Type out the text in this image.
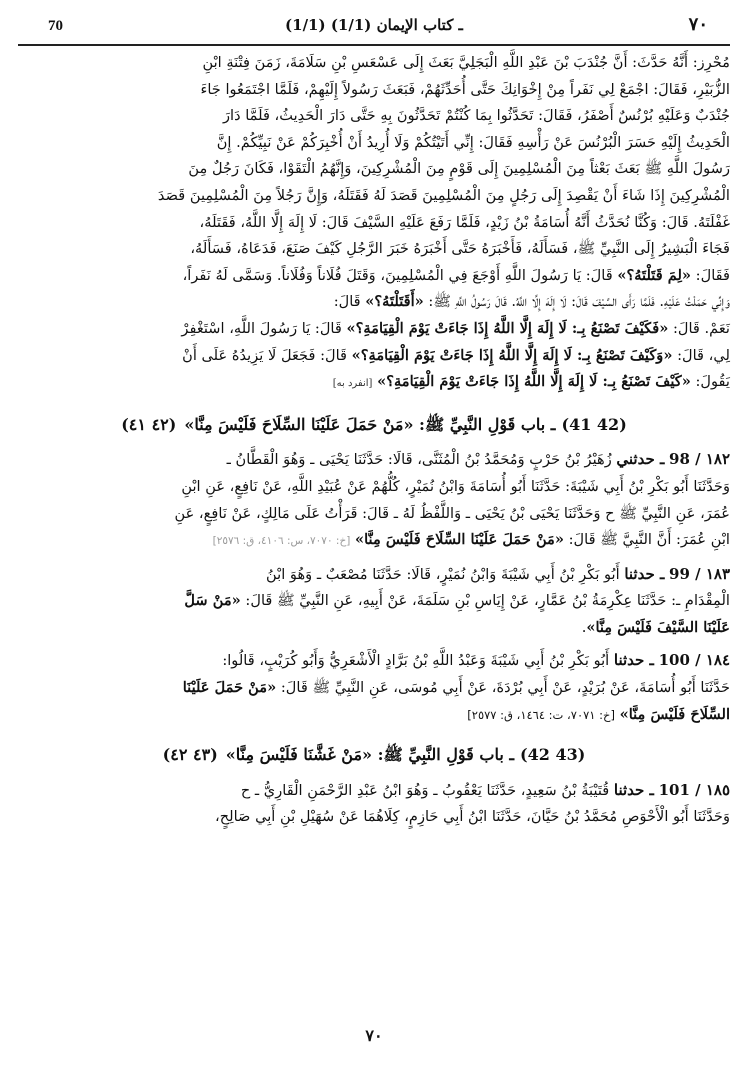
70	(1/1) ـ كتاب الإيمان (1/1)	٧٠

مُحْرِز: أَنَّهُ حَدَّثَ: أَنَّ جُنْدَبَ بْنَ عَبْدِ اللَّهِ الْبَجَلِيَّ بَعَثَ إِلَى عَسْعَسِ بْنِ سَلَامَةَ، زَمَنَ فِتْنَةِ ابْنِ

الزُّبَيْرِ، فَقَالَ: اجْمَعْ لِي نَفَراً مِنْ إِخْوَانِكَ حَتَّى أُحَدِّثَهُمْ، فَبَعَثَ رَسُولاً إِلَيْهِمْ، فَلَمَّا اجْتَمَعُوا جَاءَ

جُنْدَبٌ وَعَلَيْهِ بُرْنُسٌ أَصْفَرُ، فَقَالَ: تَحَدَّثُوا بِمَا كُنْتُمْ تَحَدَّثُونَ بِهِ حَتَّى دَارَ الْحَدِيثُ، فَلَمَّا دَارَ

الْحَدِيثُ إِلَيْهِ حَسَرَ الْبُرْنُسَ عَنْ رَأْسِهِ فَقَالَ: إِنِّي أَتَيْتُكُمْ وَلَا أُرِيدُ أَنْ أُخْبِرَكُمْ عَنْ نَبِيِّكُمْ. إِنَّ

رَسُولَ اللَّهِ ﷺ بَعَثَ بَعْثاً مِنَ الْمُسْلِمِينَ إِلَى قَوْمٍ مِنَ الْمُشْرِكِينَ، وَإِنَّهُمُ الْتَقَوْا، فَكَانَ رَجُلٌ مِنَ

الْمُشْرِكِينَ إِذَا شَاءَ أَنْ يَقْصِدَ إِلَى رَجُلٍ مِنَ الْمُسْلِمِينَ قَصَدَ لَهُ فَقَتَلَهُ، وَإِنَّ رَجُلاً مِنَ الْمُسْلِمِينَ قَصَدَ

غَفْلَتَهُ. قَالَ: وَكُنَّا نُحَدَّثُ أَنَّهُ أُسَامَةُ بْنُ زَيْدٍ، فَلَمَّا رَفَعَ عَلَيْهِ السَّيْفَ قَالَ: لَا إِلَهَ إِلَّا اللَّهُ، فَقَتَلَهُ،

فَجَاءَ الْبَشِيرُ إِلَى النَّبِيِّ ﷺ، فَسَأَلَهُ، فَأَخْبَرَهُ حَتَّى أَخْبَرَهُ خَبَرَ الرَّجُلِ كَيْفَ صَنَعَ، فَدَعَاهُ، فَسَأَلَهُ،

فَقَالَ: «لِمَ قَتَلْتَهُ؟» قَالَ: يَا رَسُولَ اللَّهِ أَوْجَعَ فِي الْمُسْلِمِينَ، وَقَتَلَ فُلَاناً وَفُلَاناً. وَسَمَّى لَهُ نَفَراً،

وَإِنِّي حَمَلْتُ عَلَيْهِ. فَلَمَّا رَأَى السَّيْفَ قَالَ: لَا إِلَهَ إِلَّا اللَّهُ. قَالَ رَسُولُ اللَّهِ ﷺ: «أَقَتَلْتَهُ؟» قَالَ:

نَعَمْ. قَالَ: «فَكَيْفَ تَصْنَعُ بِـ: لَا إِلَهَ إِلَّا اللَّهُ إِذَا جَاءَتْ يَوْمَ الْقِيَامَةِ؟» قَالَ: يَا رَسُولَ اللَّهِ، اسْتَغْفِرْ

لِي، قَالَ: «وَكَيْفَ تَصْنَعُ بِـ: لَا إِلَهَ إِلَّا اللَّهُ إِذَا جَاءَتْ يَوْمَ الْقِيَامَةِ؟» قَالَ: فَجَعَلَ لَا يَزِيدُهُ عَلَى أَنْ

يَقُولَ: «كَيْفَ تَصْنَعُ بِـ: لَا إِلَهَ إِلَّا اللَّهُ إِذَا جَاءَتْ يَوْمَ الْقِيَامَةِ؟» [انفرد به]

(42 41)ـ باب قَوْلِ النَّبِيِّ ﷺ: «مَنْ حَمَلَ عَلَيْنَا السِّلَاحَ فَلَيْسَ مِنَّا»(٤٢ ٤١)

١٨٢ / 98 ـ حدثني زُهَيْرُ بْنُ حَرْبٍ وَمُحَمَّدُ بْنُ الْمُثَنَّى، قَالَا: حَدَّثَنَا يَحْيَى ـ وَهُوَ الْقَطَّانُ ـ

وَحَدَّثَنَا أَبُو بَكْرِ بْنُ أَبِي شَيْبَةَ: حَدَّثَنَا أَبُو أُسَامَةَ وَابْنُ نُمَيْرٍ، كُلُّهُمْ عَنْ عُبَيْدِ اللَّهِ، عَنْ نَافِعٍ، عَنِ ابْنِ

عُمَرَ، عَنِ النَّبِيِّ ﷺ ح وَحَدَّثَنَا يَحْيَى بْنُ يَحْيَى ـ وَاللَّفْظُ لَهُ ـ قَالَ: قَرَأْتُ عَلَى مَالِكٍ، عَنْ نَافِعٍ، عَنِ

ابْنِ عُمَرَ: أَنَّ النَّبِيَّ ﷺ قَالَ: «مَنْ حَمَلَ عَلَيْنَا السِّلَاحَ فَلَيْسَ مِنَّا» [خ: ٧٠٧٠، س: ٤١٠٦، ق: ٢٥٧٦]

١٨٣ / 99 ـ حدثنا أَبُو بَكْرِ بْنُ أَبِي شَيْبَةَ وَابْنُ نُمَيْرٍ، قَالَا: حَدَّثَنَا مُصْعَبٌ ـ وَهُوَ ابْنُ

الْمِقْدَامِ ـ: حَدَّثَنَا عِكْرِمَةُ بْنُ عَمَّارٍ، عَنْ إِيَاسِ بْنِ سَلَمَةَ، عَنْ أَبِيهِ، عَنِ النَّبِيِّ ﷺ قَالَ: «مَنْ سَلَّ

عَلَيْنَا السَّيْفَ فَلَيْسَ مِنَّا».

١٨٤ / 100 ـ حدثنا أَبُو بَكْرِ بْنُ أَبِي شَيْبَةَ وَعَبْدُ اللَّهِ بْنُ بَرَّادٍ الْأَشْعَرِيُّ وَأَبُو كُرَيْبٍ، قَالُوا:

حَدَّثَنَا أَبُو أُسَامَةَ، عَنْ بُرَيْدٍ، عَنْ أَبِي بُرْدَةَ، عَنْ أَبِي مُوسَى، عَنِ النَّبِيِّ ﷺ قَالَ: «مَنْ حَمَلَ عَلَيْنَا

السِّلَاحَ فَلَيْسَ مِنَّا» [خ: ٧٠٧١، ت: ١٤٦٤، ق: ٢٥٧٧]

(43 42)ـ باب قَوْلِ النَّبِيِّ ﷺ: «مَنْ غَشَّنَا فَلَيْسَ مِنَّا»(٤٣ ٤٢)

١٨٥ / 101 ـ حدثنا قُتَيْبَةُ بْنُ سَعِيدٍ، حَدَّثَنَا يَعْقُوبُ ـ وَهُوَ ابْنُ عَبْدِ الرَّحْمَنِ الْقَارِيُّ ـ ح

وَحَدَّثَنَا أَبُو الْأَحْوَصِ مُحَمَّدُ بْنُ حَيَّانَ، حَدَّثَنَا ابْنُ أَبِي حَازِمٍ، كِلَاهُمَا عَنْ سُهَيْلِ بْنِ أَبِي صَالِحٍ،

٧٠
